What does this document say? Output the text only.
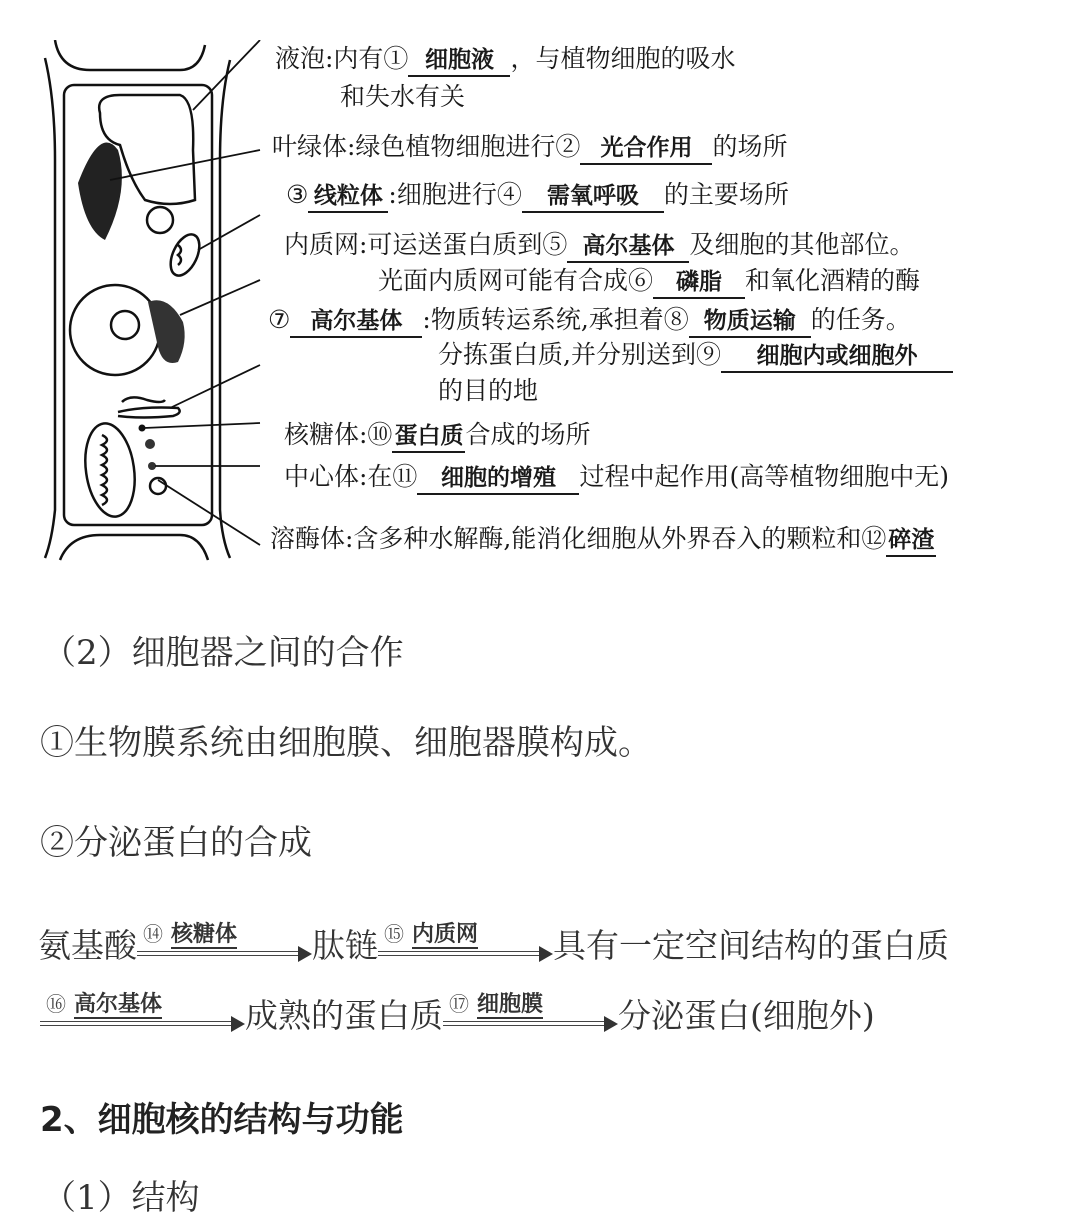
液泡:内有① 细胞液 ，与植物细胞的吸水
和失水有关
叶绿体:绿色植物细胞进行② 光合作用 的场所
③ 线粒体 :细胞进行④ 需氧呼吸 的主要场所
内质网:可运送蛋白质到⑤ 高尔基体 及细胞的其他部位。
光面内质网可能有合成⑥ 磷脂 和氧化酒精的酶
⑦ 高尔基体 :物质转运系统,承担着⑧ 物质运输 的任务。
分拣蛋白质,并分别送到⑨ 细胞内或细胞外
的目的地
核糖体:⑩蛋白质合成的场所
中心体:在⑪ 细胞的增殖 过程中起作用(高等植物细胞中无)
溶酶体:含多种水解酶,能消化细胞从外界吞入的颗粒和⑫碎渣
（2）细胞器之间的合作
①生物膜系统由细胞膜、细胞器膜构成。
②分泌蛋白的合成
氨基酸 ⑭ 核糖体 肽链 ⑮ 内质网 具有一定空间结构的蛋白质
⑯ 高尔基体	成熟的蛋白质 ⑰ 细胞膜 分泌蛋白(细胞外)
2、细胞核的结构与功能
（1）结构
